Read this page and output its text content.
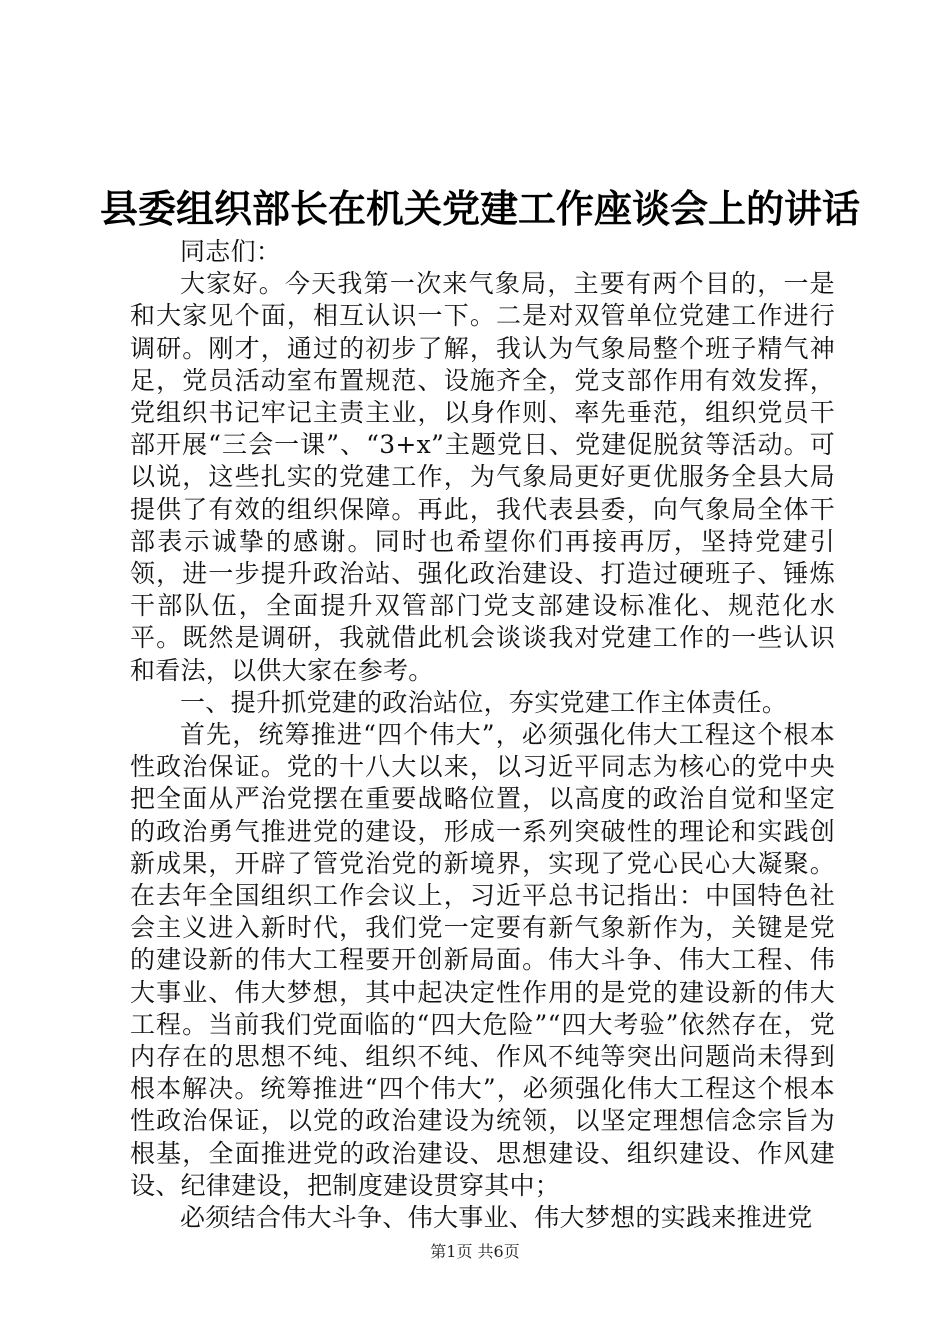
县委组织部长在机关党建工作座谈会上的讲话

同志们：

大家好。今天我第一次来气象局，主要有两个目的，一是和大家见个面，相互认识一下。二是对双管单位党建工作进行调研。刚才，通过的初步了解，我认为气象局整个班子精气神足，党员活动室布置规范、设施齐全，党支部作用有效发挥，党组织书记牢记主责主业，以身作则、率先垂范，组织党员干部开展“三会一课”、“3+x”主题党日、党建促脱贫等活动。可以说，这些扎实的党建工作，为气象局更好更优服务全县大局提供了有效的组织保障。再此，我代表县委，向气象局全体干部表示诚挚的感谢。同时也希望你们再接再厉，坚持党建引领，进一步提升政治站、强化政治建设、打造过硬班子、锤炼干部队伍，全面提升双管部门党支部建设标准化、规范化水平。既然是调研，我就借此机会谈谈我对党建工作的一些认识和看法，以供大家在参考。

一、提升抓党建的政治站位，夯实党建工作主体责任。

首先，统筹推进“四个伟大”，必须强化伟大工程这个根本性政治保证。党的十八大以来，以习近平同志为核心的党中央把全面从严治党摆在重要战略位置，以高度的政治自觉和坚定的政治勇气推进党的建设，形成一系列突破性的理论和实践创新成果，开辟了管党治党的新境界，实现了党心民心大凝聚。在去年全国组织工作会议上，习近平总书记指出：中国特色社会主义进入新时代，我们党一定要有新气象新作为，关键是党的建设新的伟大工程要开创新局面。伟大斗争、伟大工程、伟大事业、伟大梦想，其中起决定性作用的是党的建设新的伟大工程。当前我们党面临的“四大危险”“四大考验”依然存在，党内存在的思想不纯、组织不纯、作风不纯等突出问题尚未得到根本解决。统筹推进“四个伟大”，必须强化伟大工程这个根本性政治保证，以党的政治建设为统领，以坚定理想信念宗旨为根基，全面推进党的政治建设、思想建设、组织建设、作风建设、纪律建设，把制度建设贯穿其中；

必须结合伟大斗争、伟大事业、伟大梦想的实践来推进党

第1页 共6页
